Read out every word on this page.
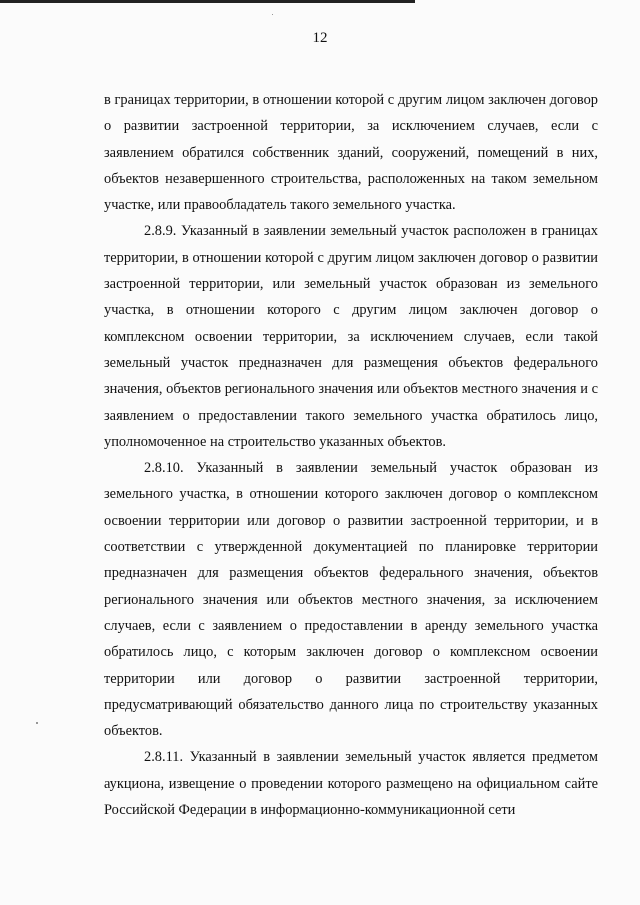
12

в границах территории, в отношении которой с другим лицом заключен договор о развитии застроенной территории, за исключением случаев, если с заявлением обратился собственник зданий, сооружений, помещений в них, объектов незавершенного строительства, расположенных на таком земельном участке, или правообладатель такого земельного участка.

2.8.9. Указанный в заявлении земельный участок расположен в границах территории, в отношении которой с другим лицом заключен договор о развитии застроенной территории, или земельный участок образован из земельного участка, в отношении которого с другим лицом заключен договор о комплексном освоении территории, за исключением случаев, если такой земельный участок предназначен для размещения объектов федерального значения, объектов регионального значения или объектов местного значения и с заявлением о предоставлении такого земельного участка обратилось лицо, уполномоченное на строительство указанных объектов.

2.8.10. Указанный в заявлении земельный участок образован из земельного участка, в отношении которого заключен договор о комплексном освоении территории или договор о развитии застроенной территории, и в соответствии с утвержденной документацией по планировке территории предназначен для размещения объектов федерального значения, объектов регионального значения или объектов местного значения, за исключением случаев, если с заявлением о предоставлении в аренду земельного участка обратилось лицо, с которым заключен договор о комплексном освоении территории или договор о развитии застроенной территории, предусматривающий обязательство данного лица по строительству указанных объектов.

2.8.11. Указанный в заявлении земельный участок является предметом аукциона, извещение о проведении которого размещено на официальном сайте Российской Федерации в информационно-коммуникационной сети
